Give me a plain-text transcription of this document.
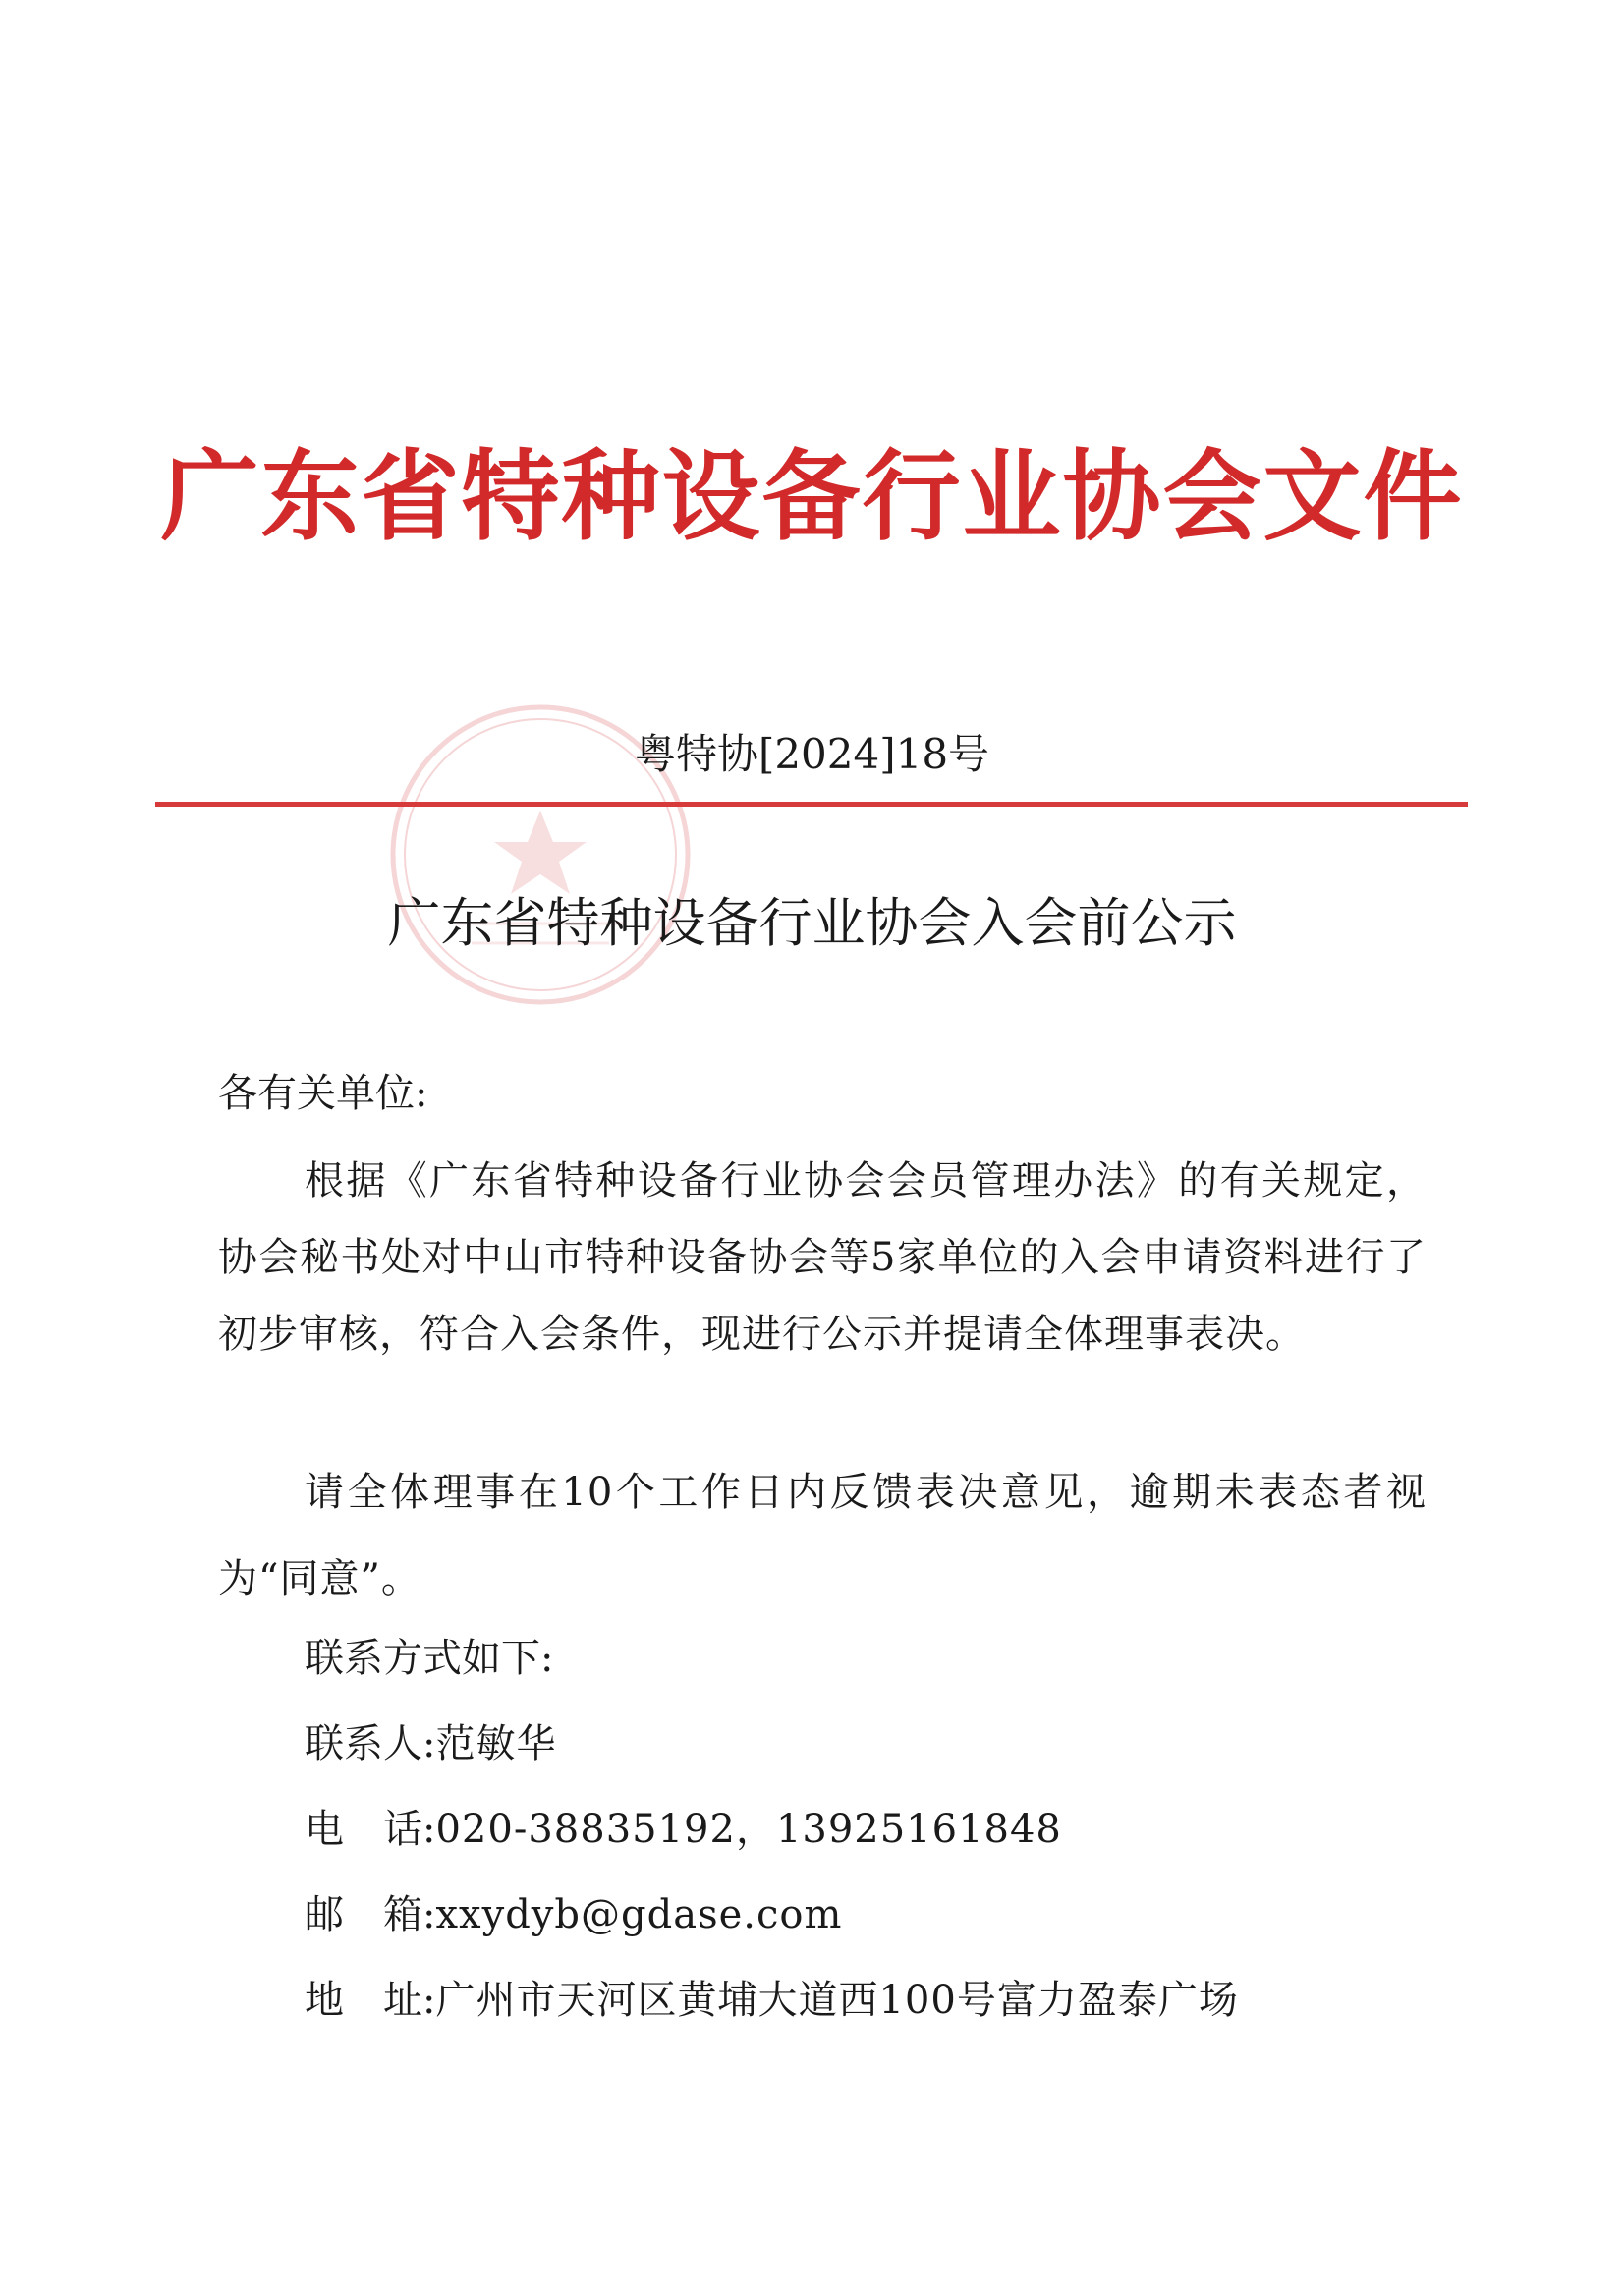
广东省特种设备行业协会文件
粤特协[2024]18号
广东省特种设备行业协会入会前公示
各有关单位:
根据《广东省特种设备行业协会会员管理办法》的有关规定，协会秘书处对中山市特种设备协会等5家单位的入会申请资料进行了初步审核，符合入会条件，现进行公示并提请全体理事表决。
请全体理事在10个工作日内反馈表决意见，逾期未表态者视为“同意”。
联系方式如下:
联系人:范敏华
电　话:020-38835192，13925161848
邮　箱:xxydyb@gdase.com
地　址:广州市天河区黄埔大道西100号富力盈泰广场
